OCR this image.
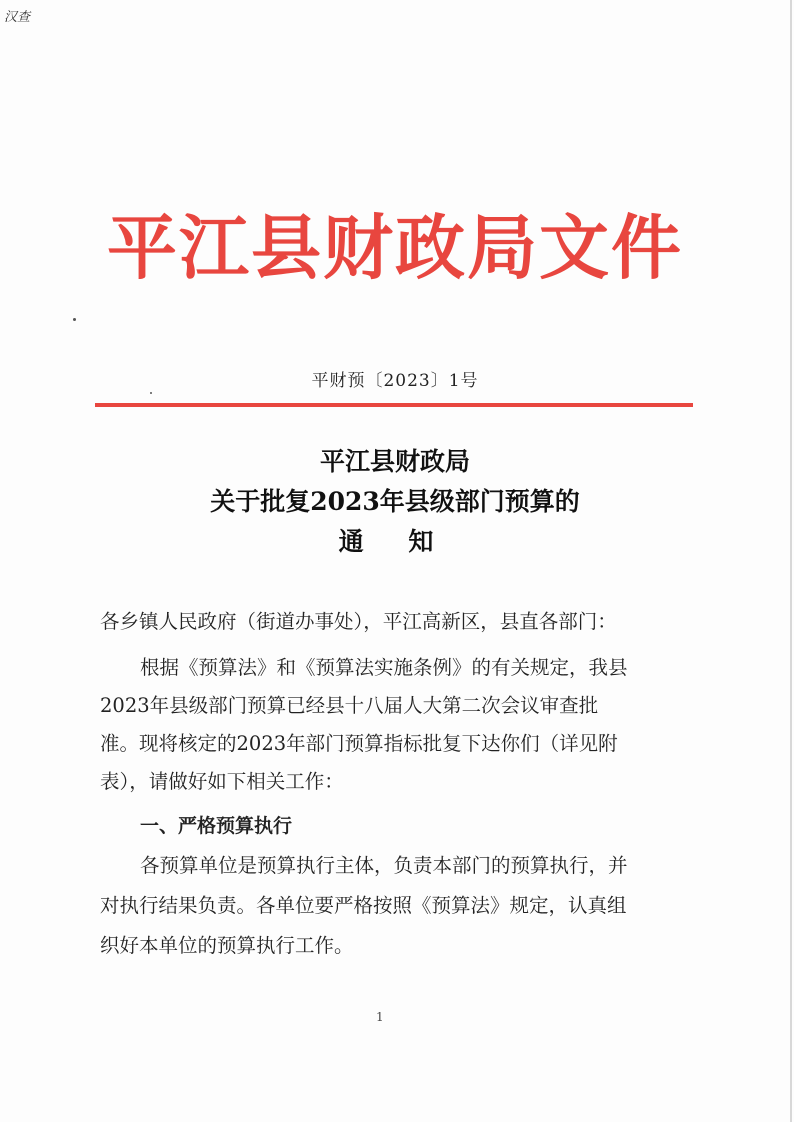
汉查
平江县财政局文件
平财预〔2023〕1号
平江县财政局
关于批复2023年县级部门预算的
通 知
各乡镇人民政府（街道办事处），平江高新区，县直各部门：
根据《预算法》和《预算法实施条例》的有关规定，我县
2023年县级部门预算已经县十八届人大第二次会议审查批
准。现将核定的2023年部门预算指标批复下达你们（详见附
表），请做好如下相关工作：
一、严格预算执行
各预算单位是预算执行主体，负责本部门的预算执行，并
对执行结果负责。各单位要严格按照《预算法》规定，认真组
织好本单位的预算执行工作。
1
